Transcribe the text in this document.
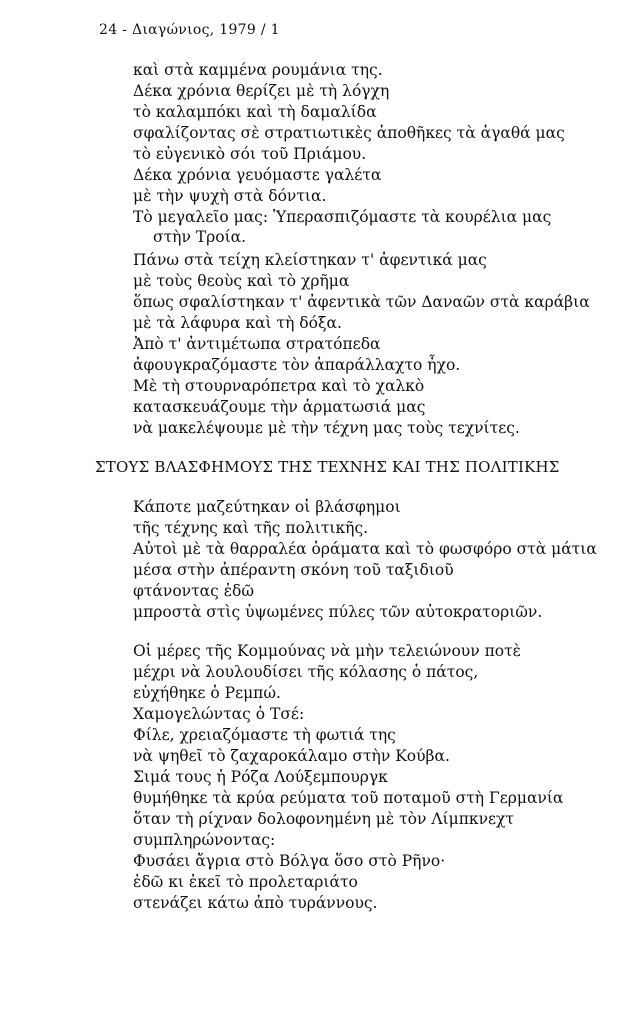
24 - Διαγώνιος, 1979 / 1
καὶ στὰ καμμένα ρουμάνια της.
Δέκα χρόνια θερίζει μὲ τὴ λόγχη
τὸ καλαμπόκι καὶ τὴ δαμαλίδα
σφαλίζοντας σὲ στρατιωτικὲς ἀποθῆκες τὰ ἀγαθά μας
τὸ εὐγενικὸ σόι τοῦ Πριάμου.
Δέκα χρόνια γευόμαστε γαλέτα
μὲ τὴν ψυχὴ στὰ δόντια.
Τὸ μεγαλεῖο μας: Ὑπερασπιζόμαστε τὰ κουρέλια μας
στὴν Τροία.
Πάνω στὰ τείχη κλείστηκαν τ' ἀφεντικά μας
μὲ τοὺς θεοὺς καὶ τὸ χρῆμα
ὅπως σφαλίστηκαν τ' ἀφεντικὰ τῶν Δαναῶν στὰ καράβια
μὲ τὰ λάφυρα καὶ τὴ δόξα.
Ἀπὸ τ' ἀντιμέτωπα στρατόπεδα
ἀφουγκραζόμαστε τὸν ἀπαράλλαχτο ἦχο.
Μὲ τὴ στουρναρόπετρα καὶ τὸ χαλκὸ
κατασκευάζουμε τὴν ἁρματωσιά μας
νὰ μακελέψουμε μὲ τὴν τέχνη μας τοὺς τεχνίτες.
ΣΤΟΥΣ ΒΛΑΣΦΗΜΟΥΣ ΤΗΣ ΤΕΧΝΗΣ ΚΑΙ ΤΗΣ ΠΟΛΙΤΙΚΗΣ
Κάποτε μαζεύτηκαν οἱ βλάσφημοι
τῆς τέχνης καὶ τῆς πολιτικῆς.
Αὐτοὶ μὲ τὰ θαρραλέα ὁράματα καὶ τὸ φωσφόρο στὰ μάτια
μέσα στὴν ἀπέραντη σκόνη τοῦ ταξιδιοῦ
φτάνοντας ἐδῶ
μπροστὰ στὶς ὑψωμένες πύλες τῶν αὐτοκρατοριῶν.
Οἱ μέρες τῆς Κομμούνας νὰ μὴν τελειώνουν ποτὲ
μέχρι νὰ λουλουδίσει τῆς κόλασης ὁ πάτος,
εὐχήθηκε ὁ Ρεμπώ.
Χαμογελώντας ὁ Τσέ:
Φίλε, χρειαζόμαστε τὴ φωτιά της
νὰ ψηθεῖ τὸ ζαχαροκάλαμο στὴν Κούβα.
Σιμά τους ἡ Ρόζα Λούξεμπουργκ
θυμήθηκε τὰ κρύα ρεύματα τοῦ ποταμοῦ στὴ Γερμανία
ὅταν τὴ ρίχναν δολοφονημένη μὲ τὸν Λίμπκνεχτ
συμπληρώνοντας:
Φυσάει ἄγρια στὸ Βόλγα ὅσο στὸ Ρῆνο·
ἐδῶ κι ἐκεῖ τὸ προλεταριάτο
στενάζει κάτω ἀπὸ τυράννους.
